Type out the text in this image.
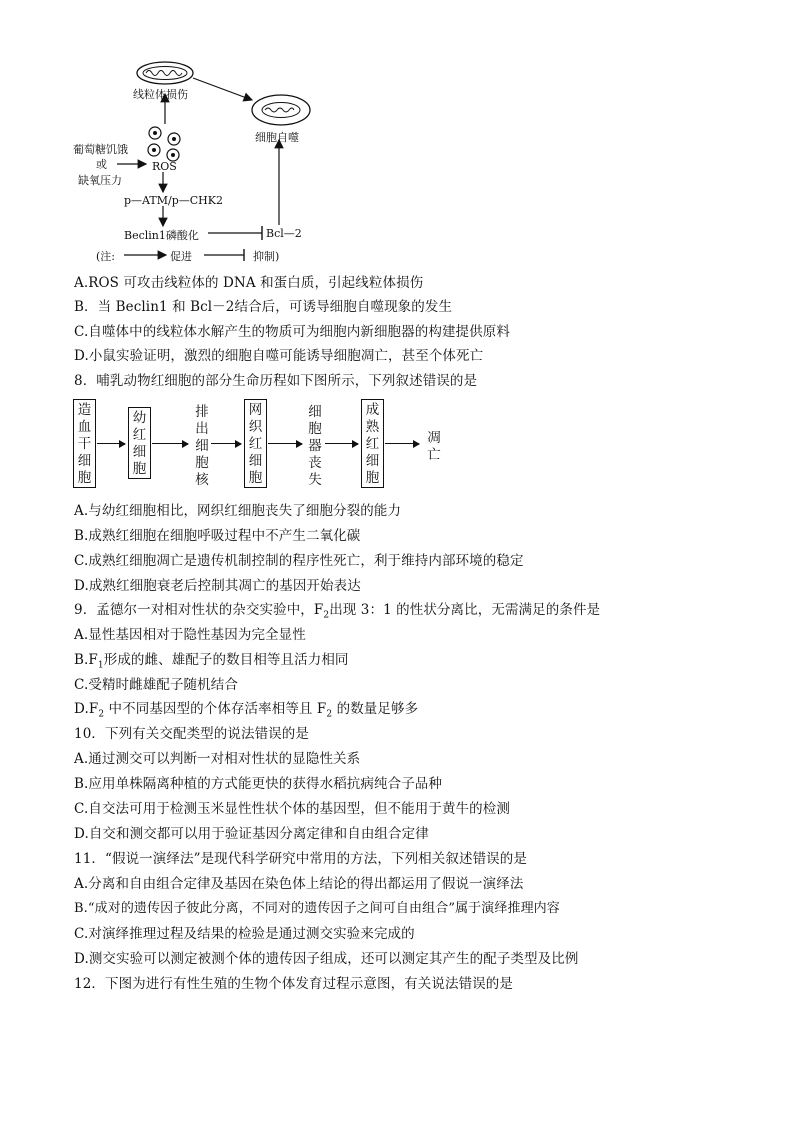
线粒体损伤
细胞自噬
葡萄糖饥饿
或
缺氧压力
ROS
p—ATM/p—CHK2
Beclin1磷酸化	Bcl—2
(注:	促进	抑制)
A.ROS 可攻击线粒体的 DNA 和蛋白质，引起线粒体损伤
B．当 Beclin1 和 Bcl－2结合后，可诱导细胞自噬现象的发生
C.自噬体中的线粒体水解产生的物质可为细胞内新细胞器的构建提供原料
D.小鼠实验证明，激烈的细胞自噬可能诱导细胞凋亡，甚至个体死亡
8．哺乳动物红细胞的部分生命历程如下图所示，下列叙述错误的是
造血干细胞
幼红细胞
排出细胞核
网织红细胞
细胞器丧失
成熟红细胞
凋亡
A.与幼红细胞相比，网织红细胞丧失了细胞分裂的能力
B.成熟红细胞在细胞呼吸过程中不产生二氧化碳
C.成熟红细胞凋亡是遗传机制控制的程序性死亡，利于维持内部环境的稳定
D.成熟红细胞衰老后控制其凋亡的基因开始表达
9．孟德尔一对相对性状的杂交实验中，$F_2$出现 3：1 的性状分离比，无需满足的条件是
A.显性基因相对于隐性基因为完全显性
$B.F_1$形成的雌、雄配子的数目相等且活力相同
C.受精时雌雄配子随机结合
$D.F_2$ 中不同基因型的个体存活率相等且 $F_2$ 的数量足够多
10．下列有关交配类型的说法错误的是
A.通过测交可以判断一对相对性状的显隐性关系
B.应用单株隔离种植的方式能更快的获得水稻抗病纯合子品种
C.自交法可用于检测玉米显性性状个体的基因型，但不能用于黄牛的检测
D.自交和测交都可以用于验证基因分离定律和自由组合定律
11．“假说一演绎法”是现代科学研究中常用的方法，下列相关叙述错误的是
A.分离和自由组合定律及基因在染色体上结论的得出都运用了假说一演绎法
B.“成对的遗传因子彼此分离，不同对的遗传因子之间可自由组合”属于演绎推理内容
C.对演绎推理过程及结果的检验是通过测交实验来完成的
D.测交实验可以测定被测个体的遗传因子组成，还可以测定其产生的配子类型及比例
12．下图为进行有性生殖的生物个体发育过程示意图，有关说法错误的是
